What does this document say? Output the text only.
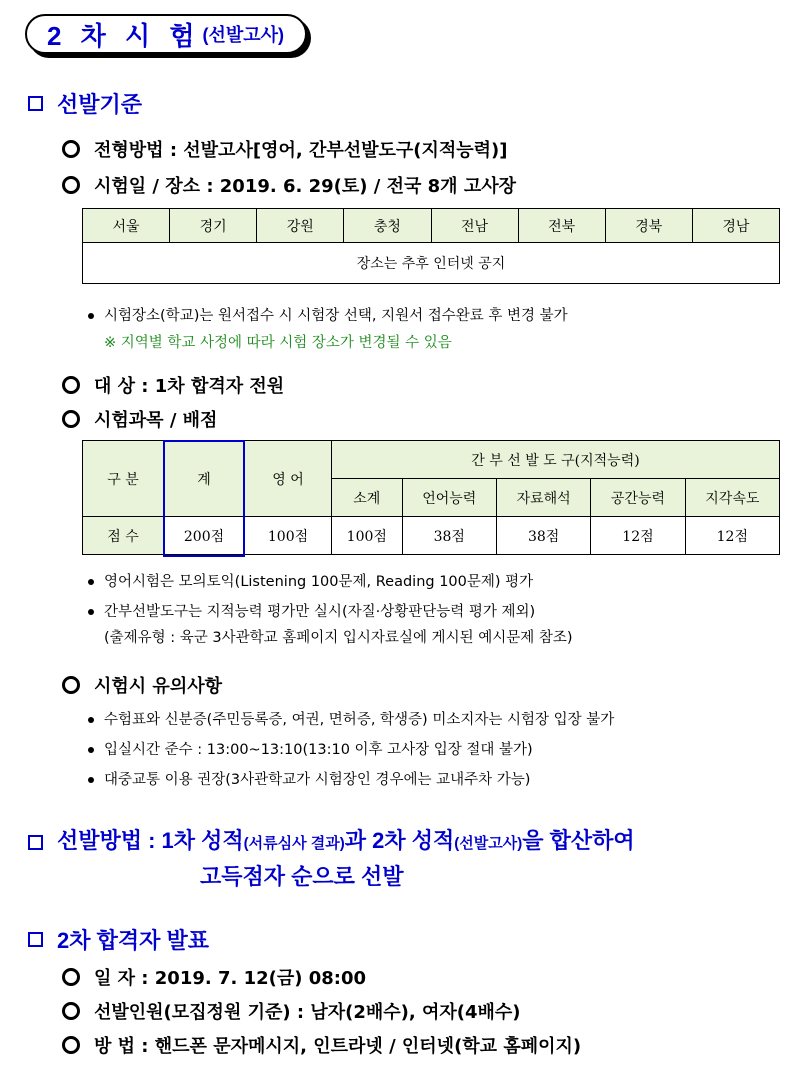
2 차 시 험 (선발고사)
선발기준
전형방법 : 선발고사[영어, 간부선발도구(지적능력)]
시험일 / 장소 : 2019. 6. 29(토) / 전국 8개 고사장
서울	경기	강원	충청	전남	전북	경북	경남
장소는 추후 인터넷 공지
시험장소(학교)는 원서접수 시 시험장 선택, 지원서 접수완료 후 변경 불가
※ 지역별 학교 사정에 따라 시험 장소가 변경될 수 있음
대 상 : 1차 합격자 전원
시험과목 / 배점
구 분	계	영 어	간 부 선 발 도 구(지적능력)				
			소계	언어능력	자료해석	공간능력	지각속도
점 수	200점	100점	100점	38점	38점	12점	12점
영어시험은 모의토익(Listening 100문제, Reading 100문제) 평가
간부선발도구는 지적능력 평가만 실시(자질·상황판단능력 평가 제외)
(출제유형 : 육군 3사관학교 홈페이지 입시자료실에 게시된 예시문제 참조)
시험시 유의사항
수험표와 신분증(주민등록증, 여권, 면허증, 학생증) 미소지자는 시험장 입장 불가
입실시간 준수 : 13:00~13:10(13:10 이후 고사장 입장 절대 불가)
대중교통 이용 권장(3사관학교가 시험장인 경우에는 교내주차 가능)
선발방법 : 1차 성적(서류심사 결과)과 2차 성적(선발고사)을 합산하여
고득점자 순으로 선발
2차 합격자 발표
일 자 : 2019. 7. 12(금) 08:00
선발인원(모집정원 기준) : 남자(2배수), 여자(4배수)
방 법 : 핸드폰 문자메시지, 인트라넷 / 인터넷(학교 홈페이지)
